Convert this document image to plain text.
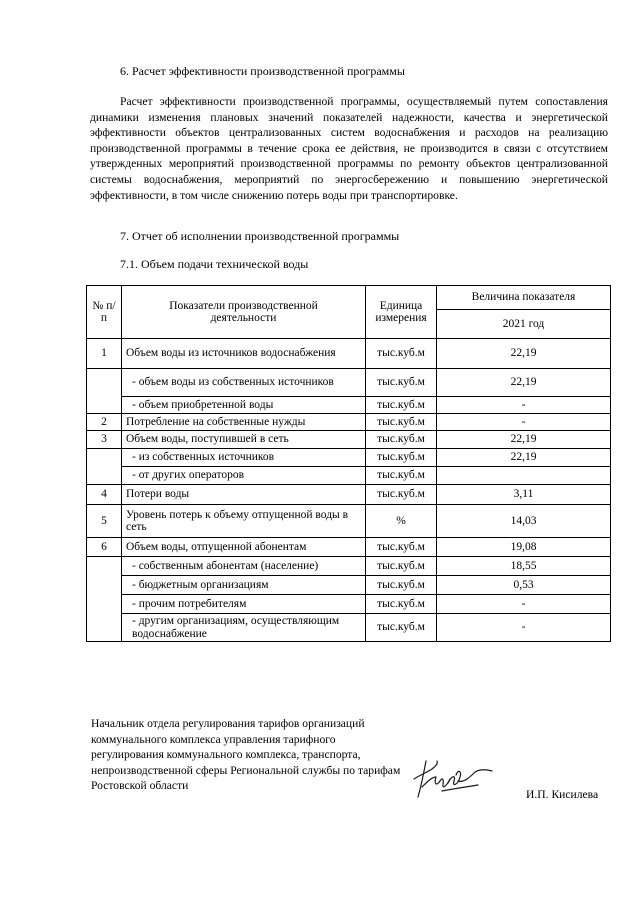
6. Расчет эффективности производственной программы

Расчет эффективности производственной программы, осуществляемый путем сопоставления динамики изменения плановых значений показателей надежности, качества и энергетической эффективности объектов централизованных систем водоснабжения и расходов на реализацию производственной программы в течение срока ее действия, не производится в связи с отсутствием утвержденных мероприятий производственной программы по ремонту объектов централизованной системы водоснабжения, мероприятий по энергосбережению и повышению энергетической эффективности, в том числе снижению потерь воды при транспортировке.

7. Отчет об исполнении производственной программы
7.1. Объем подачи технической воды
№ п/п	Показатели производственной деятельности	Единица измерения	Величина показателя
			2021 год
1	Объем воды из источников водоснабжения	тыс.куб.м	22,19
	- объем воды из собственных источников	тыс.куб.м	22,19
	- объем приобретенной воды	тыс.куб.м	-
2	Потребление на собственные нужды	тыс.куб.м	-
3	Объем воды, поступившей в сеть	тыс.куб.м	22,19
	- из собственных источников	тыс.куб.м	22,19
	- от других операторов	тыс.куб.м	
4	Потери воды	тыс.куб.м	3,11
5	Уровень потерь к объему отпущенной воды в сеть	%	14,03
6	Объем воды, отпущенной абонентам	тыс.куб.м	19,08
	- собственным абонентам (население)	тыс.куб.м	18,55
	- бюджетным организациям	тыс.куб.м	0,53
	- прочим потребителям	тыс.куб.м	-
	- другим организациям, осуществляющим водоснабжение	тыс.куб.м	-
Начальник отдела регулирования тарифов организаций коммунального комплекса управления тарифного регулирования коммунального комплекса, транспорта, непроизводственной сферы Региональной службы по тарифам Ростовской области
И.П. Кисилева
